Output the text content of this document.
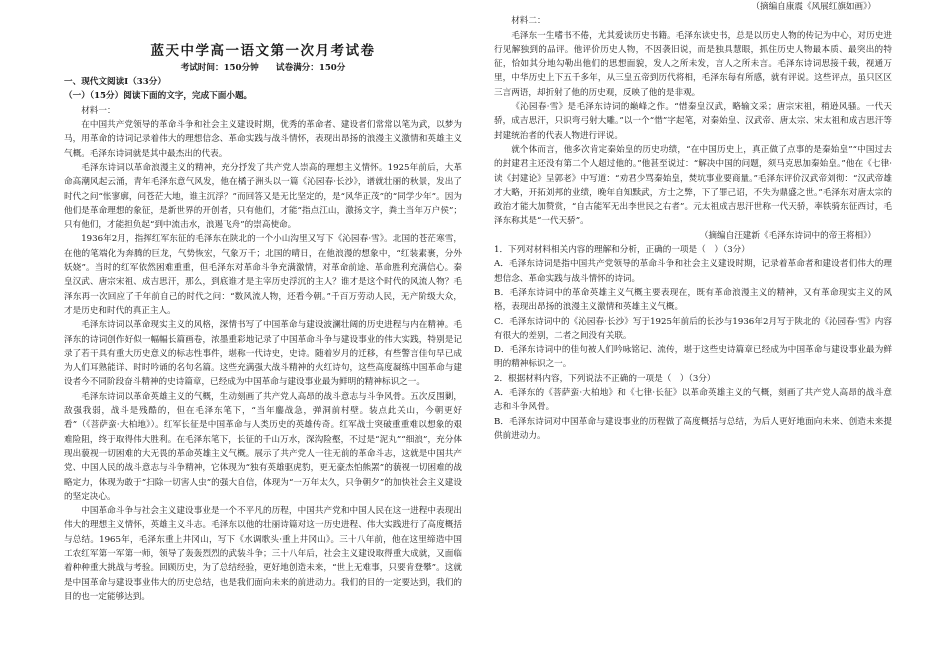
蓝天中学高一语文第一次月考试卷

考试时间：150分钟　　试卷满分：150分

一、现代文阅读Ⅰ（33分）

（一）（15分）阅读下面的文字，完成下面小题。

材料一：

在中国共产党领导的革命斗争和社会主义建设时期，优秀的革命者、建设者们常常以笔为武，以梦为马，用革命的诗词记录着伟大的理想信念、革命实践与战斗情怀，表现出昂扬的浪漫主义激情和英雄主义气概。毛泽东诗词就是其中最杰出的代表。

毛泽东诗词以革命浪漫主义的精神，充分抒发了共产党人崇高的理想主义情怀。1925年前后，大革命高潮风起云涌，青年毛泽东意气风发，他在橘子洲头以一篇《沁园春·长沙》，谱就壮丽的秋景，发出了时代之问“怅寥廓，问苍茫大地，谁主沉浮？”而回答又是无比坚定的，是“风华正茂”的“同学少年”。因为他们是革命理想的象征，是新世界的开创者，只有他们，才能“指点江山，激扬文字，粪土当年万户侯”；只有他们，才能担负起“到中流击水，浪遏飞舟”的崇高使命。

1936年2月，指挥红军东征的毛泽东在陕北的一个小山沟里又写下《沁园春·雪》。北国的苍茫寒雪，在他的笔端化为奔腾的巨龙，气势恢宏，气象万千；北国的晴日，在他浪漫的想象中，“红装素裹，分外妖娆”。当时的红军依然困难重重，但毛泽东对革命斗争充满激情，对革命前途、革命胜利充满信心。秦皇汉武、唐宗宋祖、成吉思汗，那么，到底谁才是主宰历史浮沉的主人？谁才是这个时代的风流人物？毛泽东再一次回应了千年前自己的时代之问：“数风流人物，还看今朝。”千百万劳动人民，无产阶级大众，才是历史和时代的真正主人。

毛泽东诗词以革命现实主义的风格，深情书写了中国革命与建设波澜壮阔的历史进程与内在精神。毛泽东的诗词创作好似一幅幅长篇画卷，浓墨重彩地记录了中国革命斗争与建设事业的伟大实践，特别是记录了若干具有重大历史意义的标志性事件，堪称一代诗史，史诗。随着岁月的迁移，有些警言佳句早已成为人们耳熟能详、时时吟诵的名句名篇。这些充满强大战斗精神的火红诗句，这些高度凝练中国革命与建设者今不同阶段奋斗精神的史诗篇章，已经成为中国革命与建设事业最为鲜明的精神标识之一。

毛泽东诗词以革命英雄主义的气概，生动刻画了共产党人高昂的战斗意志与斗争风骨。五次反围剿，敌强我弱，战斗是残酷的，但在毛泽东笔下，“当年鏖战急，弹洞前村壁。装点此关山，今朝更好看”（《菩萨蛮·大柏地》）。红军长征是中国革命与人类历史的英雄传奇。红军战士突破重重难以想象的艰难险阻，终于取得伟大胜利。在毛泽东笔下，长征的千山万水，深沟险壑，不过是“泥丸”“细浪”，充分体现出藐视一切困难的大无畏的革命英雄主义气概。展示了共产党人一往无前的革命斗志，这就是中国共产党、中国人民的战斗意志与斗争精神，它体现为“独有英雄驱虎豹，更无豪杰怕熊罴”的藐视一切困难的战略定力，体现为敢于“扫除一切害人虫”的强大自信，体现为“一万年太久，只争朝夕”的加快社会主义建设的坚定决心。

中国革命斗争与社会主义建设事业是一个不平凡的历程，中国共产党和中国人民在这一进程中表现出伟大的理想主义情怀，英雄主义斗志。毛泽东以他的壮丽诗篇对这一历史进程、伟大实践进行了高度概括与总结。1965年，毛泽东重上井冈山，写下《水调歌头·重上井冈山》。三十八年前，他在这里缔造中国工农红军第一军第一师，领导了轰轰烈烈的武装斗争；三十八年后，社会主义建设取得重大成就，又面临着种种重大挑战与考验。回顾历史，为了总结经验，更好地创造未来，“世上无难事，只要肯登攀”。这就是中国革命与建设事业伟大的历史总结，也是我们面向未来的前进动力。我们的目的一定要达到，我们的目的也一定能够达到。

（摘编自康震《风展红旗如画》）

材料二：

毛泽东一生嗜书不倦，尤其爱读历史书籍。毛泽东读史书，总是以历史人物的传记为中心，对历史进行见解独到的品评。他评价历史人物，不因袭旧说，而是独具慧眼，抓住历史人物最本质、最突出的特征，恰如其分地勾勒出他们的思想面貌，发人之所未发，言人之所未言。毛泽东诗词思接千载，视通万里，中华历史上下五千多年，从三皇五帝到历代将相，毛泽东每有所感，就有评说。这些评点，虽只区区三言两语，却折射了他的历史观，反映了他的是非观。

《沁园春·雪》是毛泽东诗词的巅峰之作。“惜秦皇汉武，略输文采；唐宗宋祖，稍逊风骚。一代天骄，成吉思汗，只识弯弓射大雕。”以一个“惜”字起笔，对秦始皇、汉武帝、唐太宗、宋太祖和成吉思汗等封建统治者的代表人物进行评说。

就个体而言，他多次肯定秦始皇的历史功绩，“在中国历史上，真正做了点事的是秦始皇”“中国过去的封建君主还没有第二个人超过他的。”他甚至说过：“解决中国的问题，须马克思加秦始皇。”他在《七律·读《封建论》呈郭老》中写道：“劝君少骂秦始皇，焚坑事业要商量。”毛泽东评价汉武帝刘彻：“汉武帝雄才大略，开拓刘邦的业绩，晚年自知黩武，方士之弊，下了罪己诏，不失为鼎盛之世。”毛泽东对唐太宗的政治才能大加赞赏，“自古能军无出李世民之右者”。元太祖成吉思汗世称一代天骄，率铁骑东征西讨，毛泽东称其是“一代天骄”。

（摘编自汪建新《毛泽东诗词中的帝王将相》）

1．下列对材料相关内容的理解和分析，正确的一项是（　）（3分）

A．毛泽东诗词是指中国共产党领导的革命斗争和社会主义建设时期，记录着革命者和建设者们伟大的理想信念、革命实践与战斗情怀的诗词。

B．毛泽东诗词中的革命英雄主义气概主要表现在，既有革命浪漫主义的精神，又有革命现实主义的风格，表现出昂扬的浪漫主义激情和英雄主义气概。

C．毛泽东诗词中的《沁园春·长沙》写于1925年前后的长沙与1936年2月写于陕北的《沁园春·雪》内容有很大的差别，二者之间没有关联。

D．毛泽东诗词中的佳句被人们吟咏铭记、流传，堪于这些史诗篇章已经成为中国革命与建设事业最为鲜明的精神标识之一。

2．根据材料内容，下列说法不正确的一项是（　）（3分）

A．毛泽东的《菩萨蛮·大柏地》和《七律·长征》以革命英雄主义的气概，刻画了共产党人高昂的战斗意志和斗争风骨。

B．毛泽东诗词对中国革命与建设事业的历程做了高度概括与总结，为后人更好地面向未来、创造未来提供前进动力。
